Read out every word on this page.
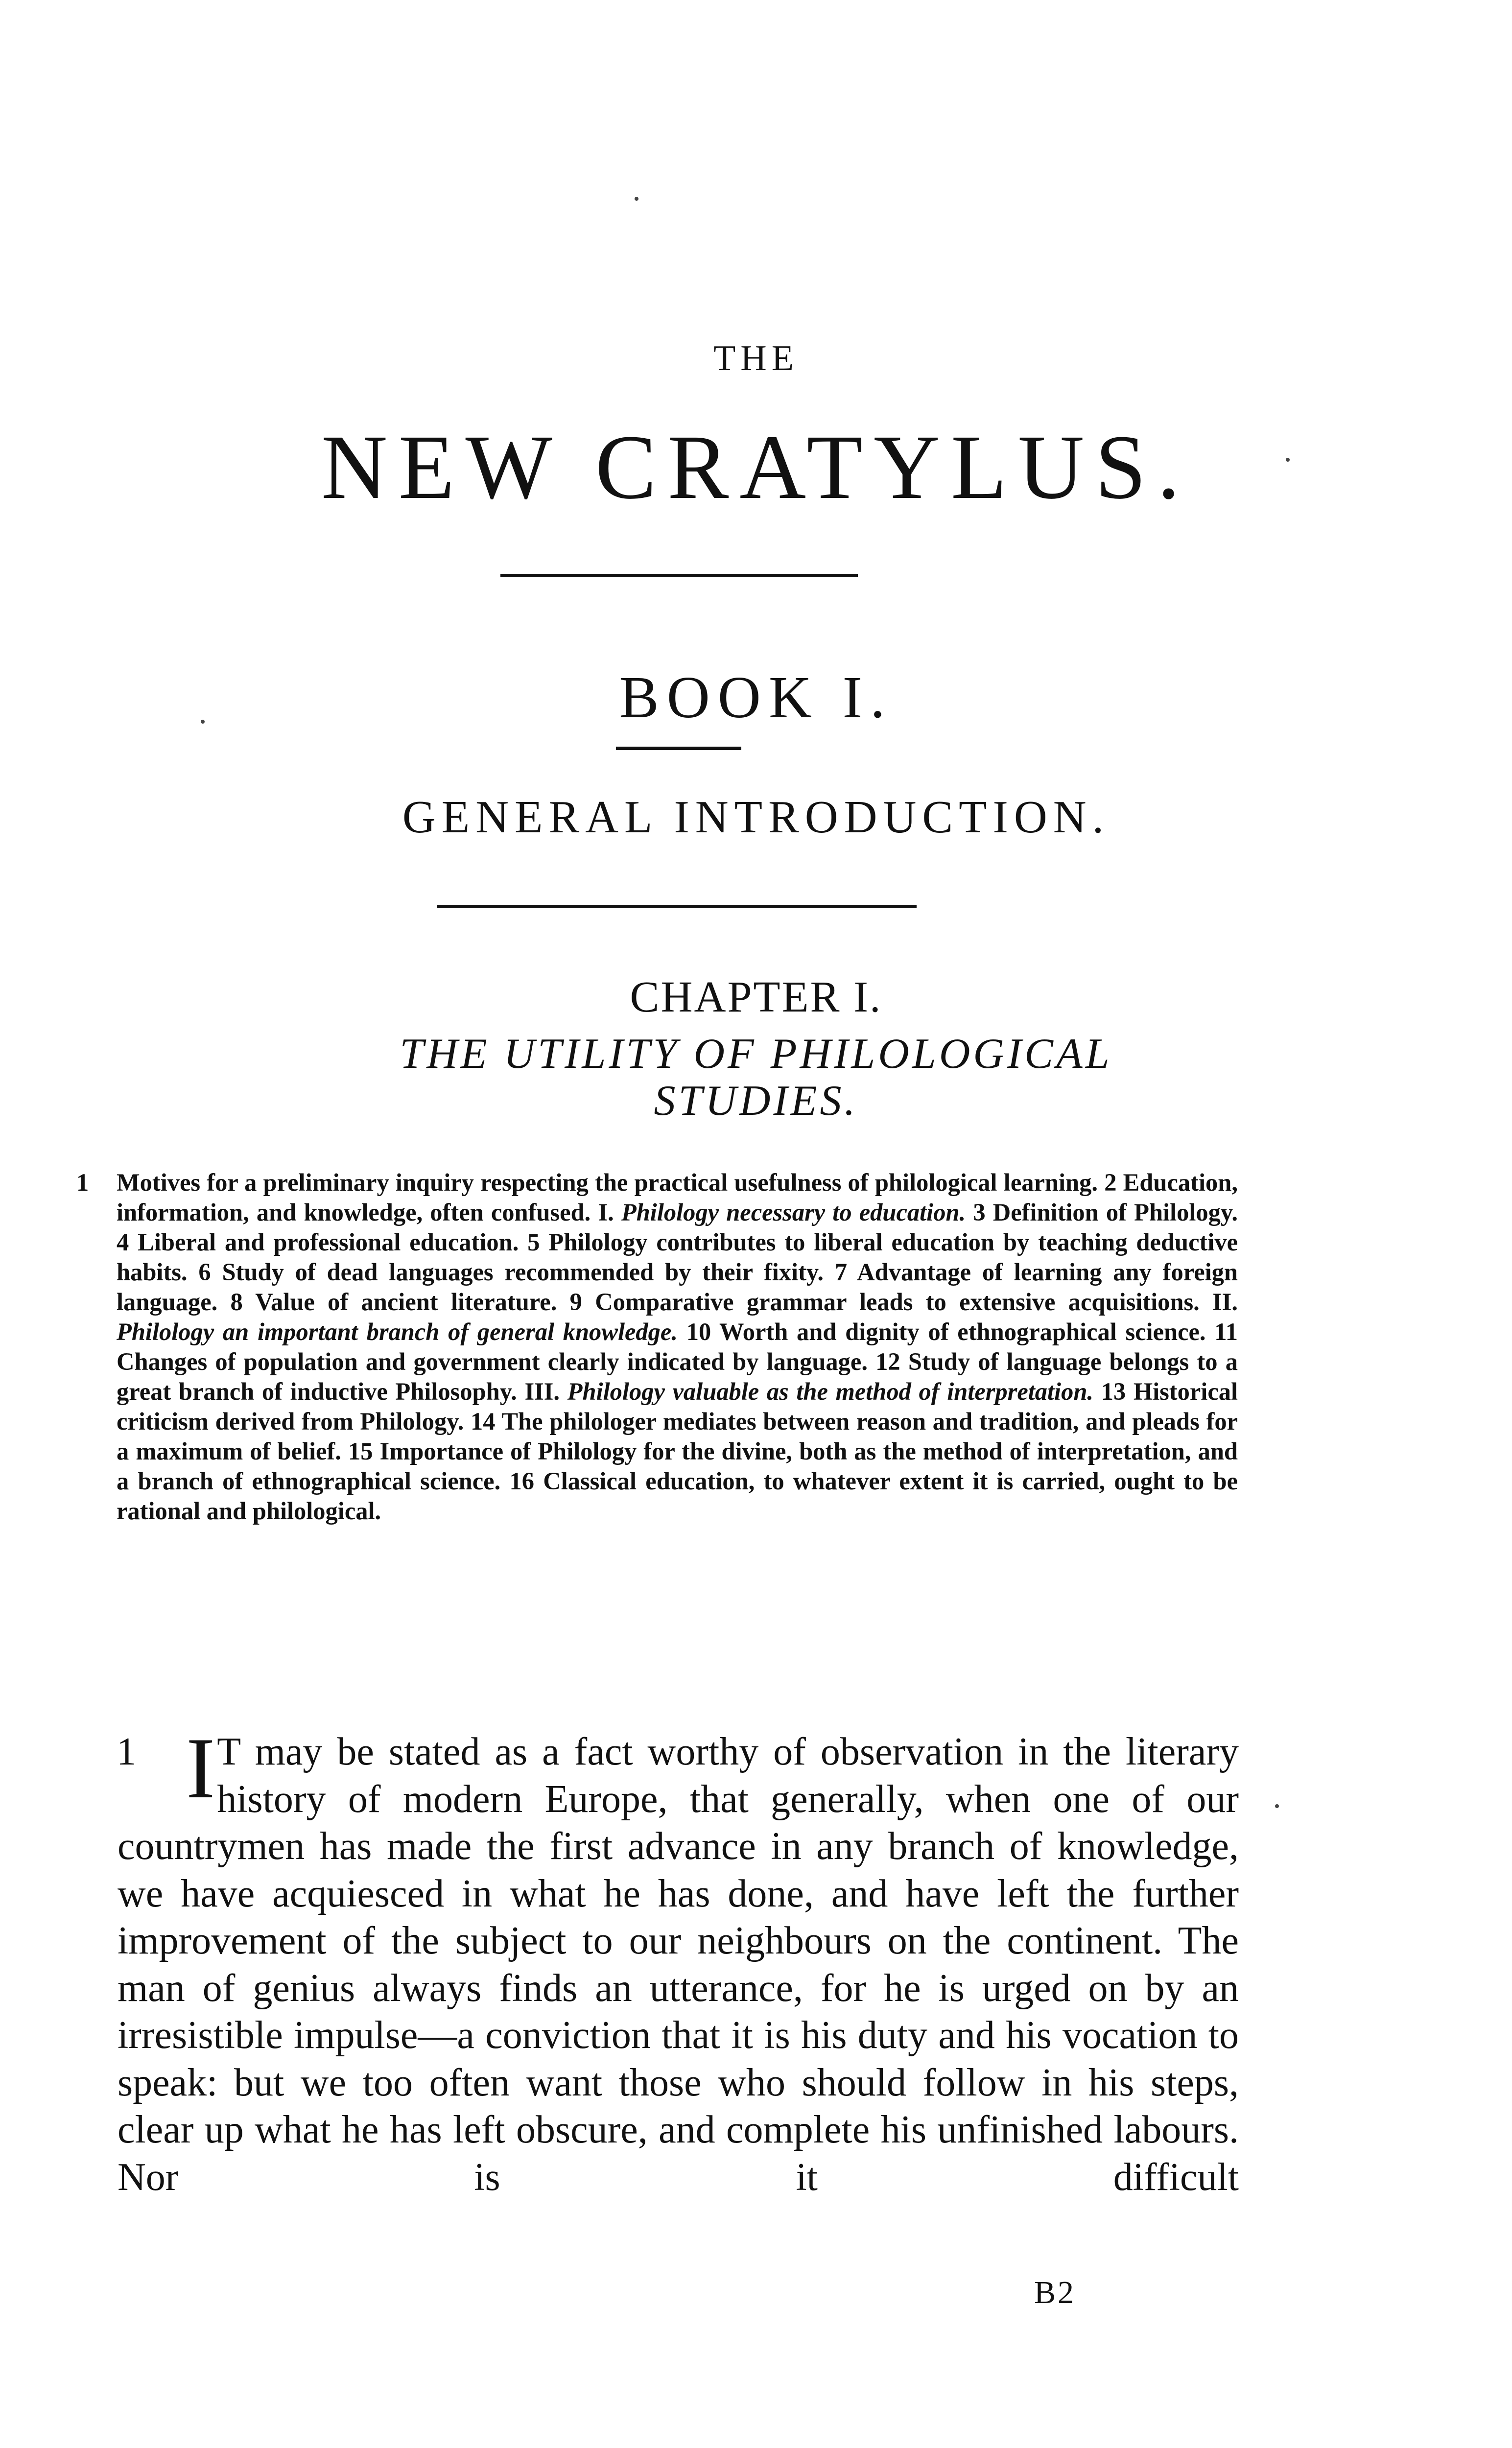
THE
NEW CRATYLUS.
BOOK I.
GENERAL INTRODUCTION.
CHAPTER I.
THE UTILITY OF PHILOLOGICAL
STUDIES.
1 Motives for a preliminary inquiry respecting the practical usefulness of philological learning. 2 Education, information, and knowledge, often confused. I. Philology necessary to education. 3 Definition of Philology. 4 Liberal and professional education. 5 Philology contributes to liberal education by teaching deductive habits. 6 Study of dead languages recommended by their fixity. 7 Advantage of learning any foreign language. 8 Value of ancient literature. 9 Comparative grammar leads to extensive acquisitions. II. Philology an important branch of general knowledge. 10 Worth and dignity of ethnographical science. 11 Changes of population and government clearly indicated by language. 12 Study of language belongs to a great branch of inductive Philosophy. III. Philology valuable as the method of interpretation. 13 Historical criticism derived from Philology. 14 The philologer mediates between reason and tradition, and pleads for a maximum of belief. 15 Importance of Philology for the divine, both as the method of interpretation, and a branch of ethnographical science. 16 Classical education, to whatever extent it is carried, ought to be rational and philological.
1 I T may be stated as a fact worthy of observation in the literary history of modern Europe, that generally, when one of our countrymen has made the first advance in any branch of knowledge, we have acquiesced in what he has done, and have left the further improvement of the subject to our neighbours on the continent. The man of genius always finds an utterance, for he is urged on by an irresistible impulse—a conviction that it is his duty and his vocation to speak: but we too often want those who should follow in his steps, clear up what he has left obscure, and complete his unfinished labours. Nor is it difficult
B2
